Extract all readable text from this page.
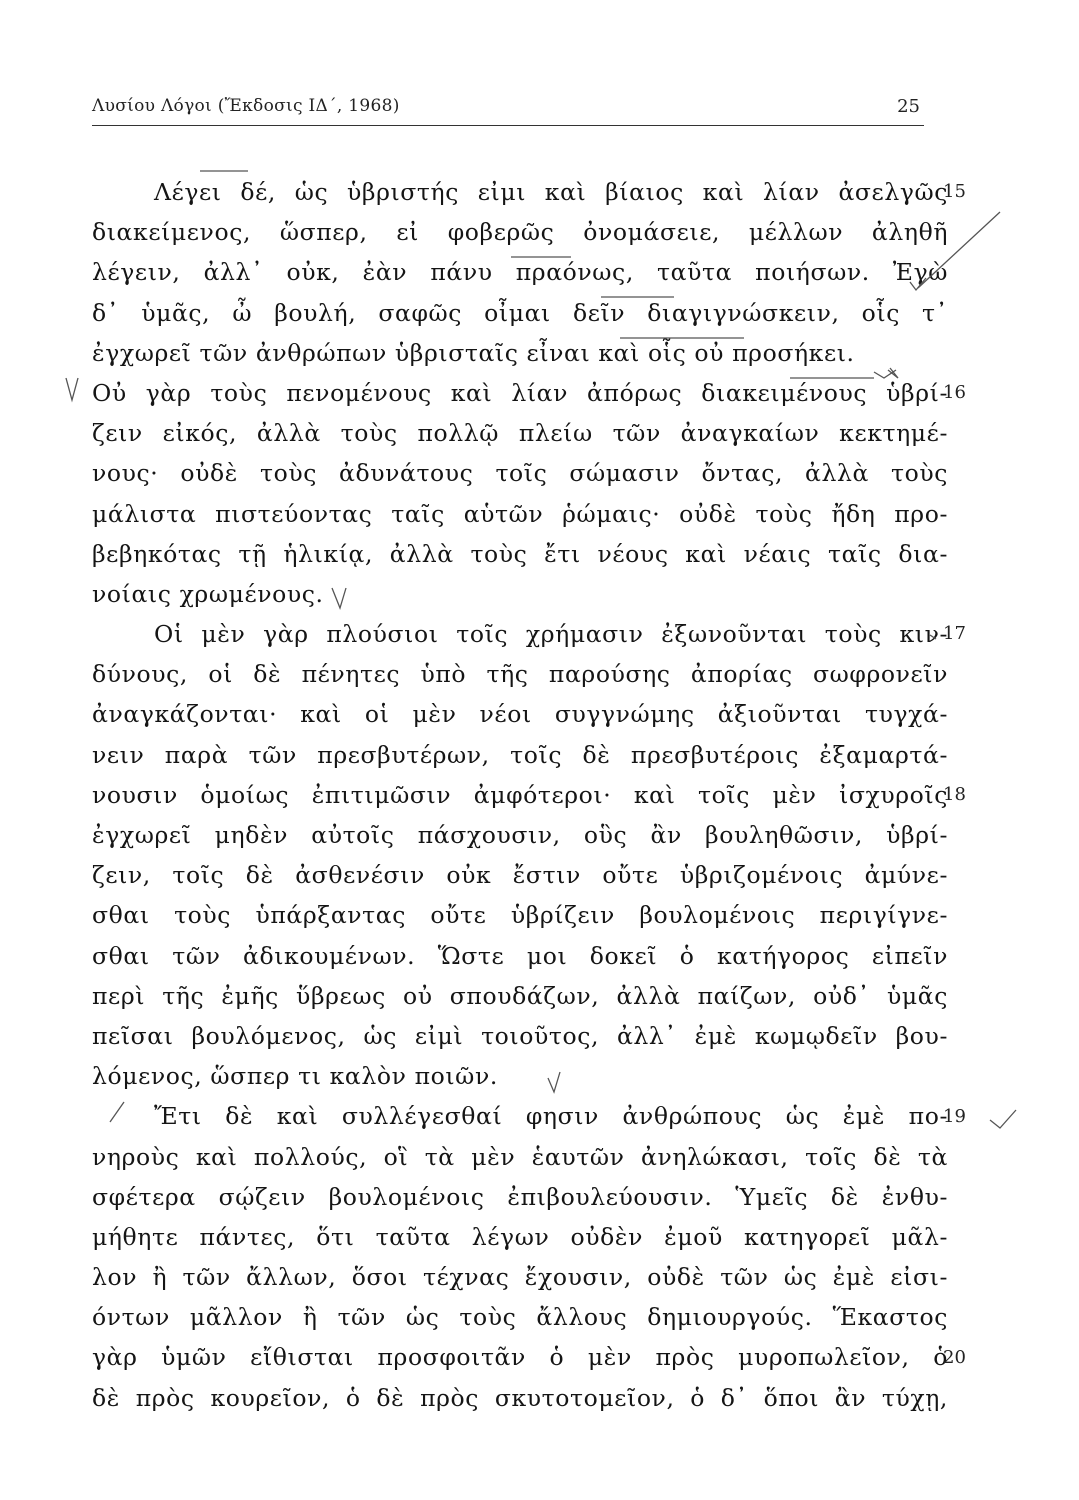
Λυσίου Λόγοι (Ἔκδοσις ΙΔ΄, 1968)	25
Λέγει δέ, ὡς ὑβριστής εἰμι καὶ βίαιος καὶ λίαν ἀσελγῶς
διακείμενος, ὥσπερ, εἰ φοβερῶς ὀνομάσειε, μέλλων ἀληθῆ
λέγειν, ἀλλ᾽ οὐκ, ἐὰν πάνυ πραόνως, ταῦτα ποιήσων. Ἐγὼ
δ᾽ ὑμᾶς, ὦ βουλή, σαφῶς οἶμαι δεῖν διαγιγνώσκειν, οἷς τ᾽
ἐγχωρεῖ τῶν ἀνθρώπων ὑβρισταῖς εἶναι καὶ οἷς οὐ προσήκει.
Οὐ γὰρ τοὺς πενομένους καὶ λίαν ἀπόρως διακειμένους ὑβρί-
ζειν εἰκός, ἀλλὰ τοὺς πολλῷ πλείω τῶν ἀναγκαίων κεκτημέ-
νους· οὐδὲ τοὺς ἀδυνάτους τοῖς σώμασιν ὄντας, ἀλλὰ τοὺς
μάλιστα πιστεύοντας ταῖς αὑτῶν ῥώμαις· οὐδὲ τοὺς ἤδη προ-
βεβηκότας τῇ ἡλικίᾳ, ἀλλὰ τοὺς ἔτι νέους καὶ νέαις ταῖς δια-
νοίαις χρωμένους.
Οἱ μὲν γὰρ πλούσιοι τοῖς χρήμασιν ἐξωνοῦνται τοὺς κιν-
δύνους, οἱ δὲ πένητες ὑπὸ τῆς παρούσης ἀπορίας σωφρονεῖν
ἀναγκάζονται· καὶ οἱ μὲν νέοι συγγνώμης ἀξιοῦνται τυγχά-
νειν παρὰ τῶν πρεσβυτέρων, τοῖς δὲ πρεσβυτέροις ἐξαμαρτά-
νουσιν ὁμοίως ἐπιτιμῶσιν ἀμφότεροι· καὶ τοῖς μὲν ἰσχυροῖς
ἐγχωρεῖ μηδὲν αὐτοῖς πάσχουσιν, οὓς ἂν βουληθῶσιν, ὑβρί-
ζειν, τοῖς δὲ ἀσθενέσιν οὐκ ἔστιν οὔτε ὑβριζομένοις ἀμύνε-
σθαι τοὺς ὑπάρξαντας οὔτε ὑβρίζειν βουλομένοις περιγίγνε-
σθαι τῶν ἀδικουμένων. Ὥστε μοι δοκεῖ ὁ κατήγορος εἰπεῖν
περὶ τῆς ἐμῆς ὕβρεως οὐ σπουδάζων, ἀλλὰ παίζων, οὐδ᾽ ὑμᾶς
πεῖσαι βουλόμενος, ὡς εἰμὶ τοιοῦτος, ἀλλ᾽ ἐμὲ κωμῳδεῖν βου-
λόμενος, ὥσπερ τι καλὸν ποιῶν.
Ἔτι δὲ καὶ συλλέγεσθαί φησιν ἀνθρώπους ὡς ἐμὲ πο-
νηροὺς καὶ πολλούς, οἳ τὰ μὲν ἑαυτῶν ἀνηλώκασι, τοῖς δὲ τὰ
σφέτερα σῴζειν βουλομένοις ἐπιβουλεύουσιν. Ὑμεῖς δὲ ἐνθυ-
μήθητε πάντες, ὅτι ταῦτα λέγων οὐδὲν ἐμοῦ κατηγορεῖ μᾶλ-
λον ἢ τῶν ἄλλων, ὅσοι τέχνας ἔχουσιν, οὐδὲ τῶν ὡς ἐμὲ εἰσι-
όντων μᾶλλον ἢ τῶν ὡς τοὺς ἄλλους δημιουργούς. Ἕκαστος
γὰρ ὑμῶν εἴθισται προσφοιτᾶν ὁ μὲν πρὸς μυροπωλεῖον, ὁ
δὲ πρὸς κουρεῖον, ὁ δὲ πρὸς σκυτοτομεῖον, ὁ δ᾽ ὅποι ἂν τύχῃ,
15
16
17
18
19
20
